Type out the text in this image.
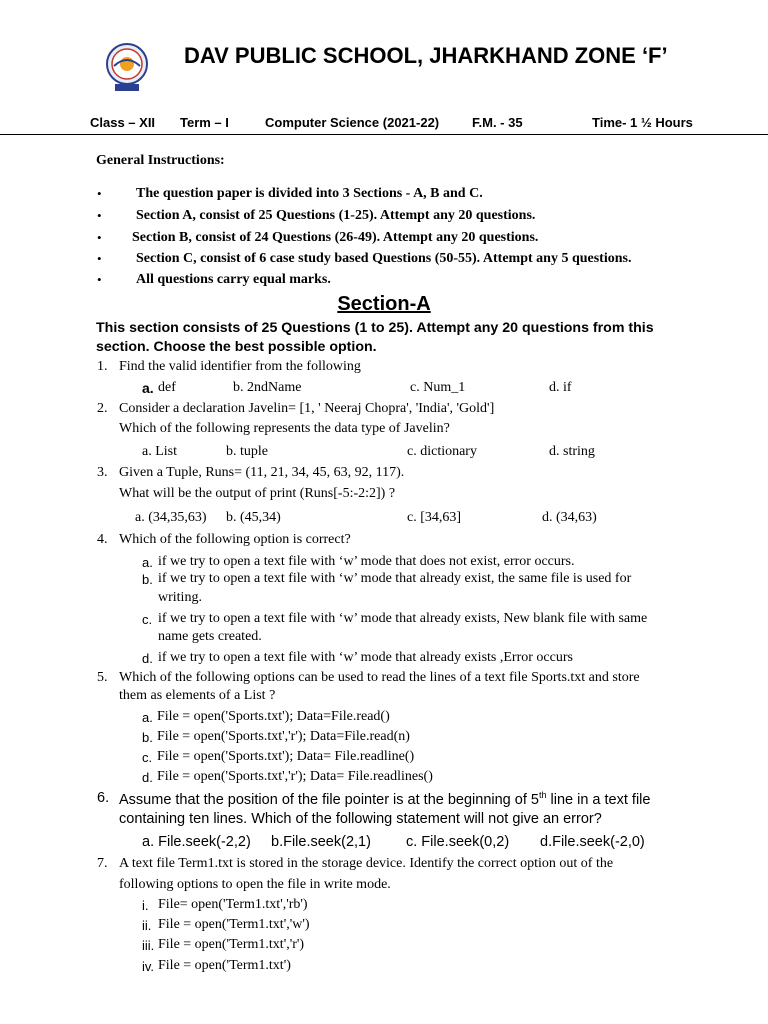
DAV PUBLIC SCHOOL, JHARKHAND ZONE ‘F’
Class – XII Term – I	Computer Science (2021-22)	F.M. - 35	Time- 1 ½ Hours
General Instructions:
• The question paper is divided into 3 Sections - A, B and C.
• Section A, consist of 25 Questions (1-25). Attempt any 20 questions.
• Section B, consist of 24 Questions (26-49). Attempt any 20 questions.
• Section C, consist of 6 case study based Questions (50-55). Attempt any 5 questions.
• All questions carry equal marks.
Section-A
This section consists of 25 Questions (1 to 25). Attempt any 20 questions from this
section. Choose the best possible option.
1. Find the valid identifier from the following
a. def	b. 2ndName	c. Num_1	d. if
2. Consider a declaration Javelin= [1, ' Neeraj Chopra', 'India', 'Gold']
Which of the following represents the data type of Javelin?
a. List	b. tuple	c. dictionary	d. string
3. Given a Tuple, Runs= (11, 21, 34, 45, 63, 92, 117).
What will be the output of print (Runs[-5:-2:2]) ?
a. (34,35,63) b. (45,34)	c. [34,63]	d. (34,63)
4. Which of the following option is correct?
a. if we try to open a text file with ‘w’ mode that does not exist, error occurs.
b. if we try to open a text file with ‘w’ mode that already exist, the same file is used for
writing.
c. if we try to open a text file with ‘w’ mode that already exists, New blank file with same
name gets created.
d. if we try to open a text file with ‘w’ mode that already exists ,Error occurs
5. Which of the following options can be used to read the lines of a text file Sports.txt and store
them as elements of a List ?
a. File = open('Sports.txt'); Data=File.read()
b. File = open('Sports.txt','r'); Data=File.read(n)
c. File = open('Sports.txt'); Data= File.readline()
d. File = open('Sports.txt','r'); Data= File.readlines()
6. Assume that the position of the file pointer is at the beginning of 5th line in a text file
containing ten lines. Which of the following statement will not give an error?
a. File.seek(-2,2) b.File.seek(2,1) c. File.seek(0,2) d.File.seek(-2,0)
7. A text file Term1.txt is stored in the storage device. Identify the correct option out of the
following options to open the file in write mode.
i. File= open('Term1.txt','rb')
ii. File = open('Term1.txt','w')
iii. File = open('Term1.txt','r')
iv. File = open('Term1.txt')
